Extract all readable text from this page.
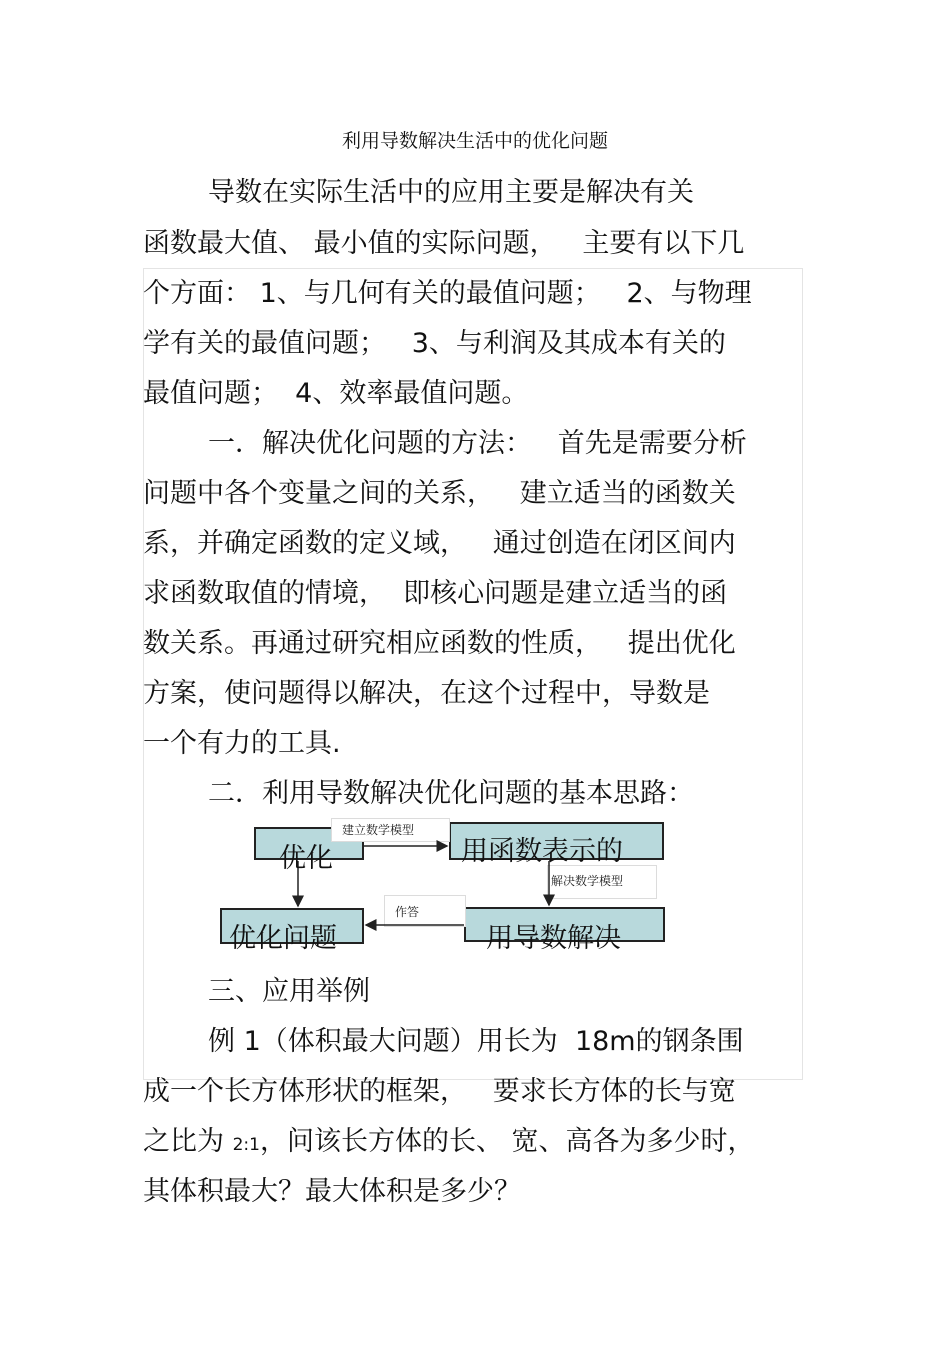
利用导数解决生活中的优化问题
导数在实际生活中的应用主要是解决有关
函数最大值、 最小值的实际问题，   主要有以下几
个方面： 1、与几何有关的最值问题；   2、与物理
学有关的最值问题；   3、与利润及其成本有关的
最值问题；  4、效率最值问题。
一．解决优化问题的方法：   首先是需要分析
问题中各个变量之间的关系，   建立适当的函数关
系，并确定函数的定义域，   通过创造在闭区间内
求函数取值的情境，  即核心问题是建立适当的函
数关系。再通过研究相应函数的性质，   提出优化
方案，使问题得以解决，在这个过程中，导数是
一个有力的工具.
二．利用导数解决优化问题的基本思路：
建立数学模型
解决数学模型
作答
优化	用函数表示的
优化问题	用导数解决
三、应用举例
例 1（体积最大问题）用长为  18m的钢条围
成一个长方体形状的框架，   要求长方体的长与宽
之比为 2:1，问该长方体的长、 宽、高各为多少时，
其体积最大？最大体积是多少？
